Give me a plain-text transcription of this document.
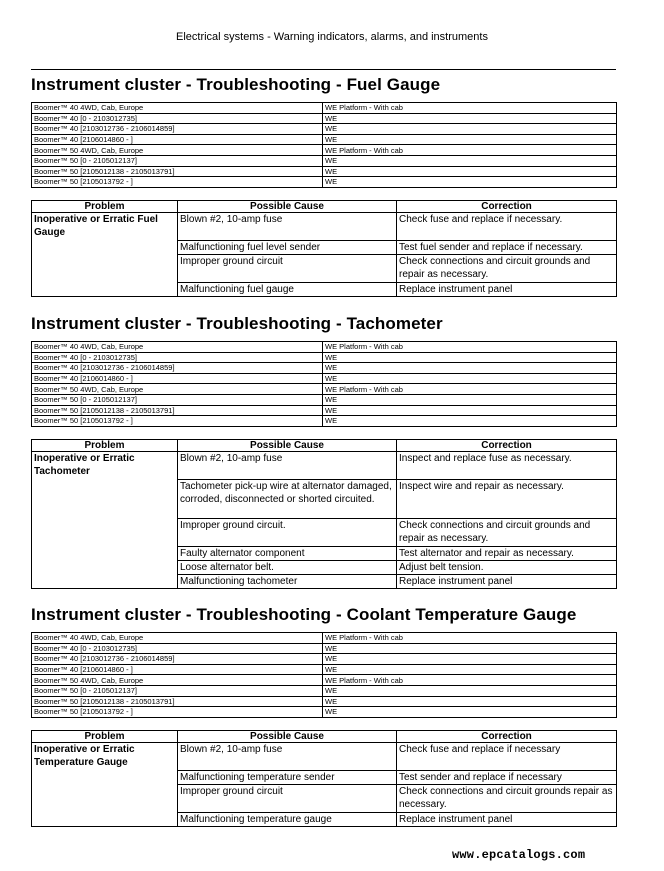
Electrical systems - Warning indicators, alarms, and instruments
Instrument cluster - Troubleshooting - Fuel Gauge
Boomer™ 40 4WD, Cab, Europe	WE Platform - With cab
Boomer™ 40 [0 - 2103012735]	WE
Boomer™ 40 [2103012736 - 2106014859]	WE
Boomer™ 40 [2106014860 - ]	WE
Boomer™ 50 4WD, Cab, Europe	WE Platform - With cab
Boomer™ 50 [0 - 2105012137]	WE
Boomer™ 50 [2105012138 - 2105013791]	WE
Boomer™ 50 [2105013792 - ]	WE
Problem	Possible Cause	Correction
Inoperative or Erratic Fuel Gauge	Blown #2, 10-amp fuse	Check fuse and replace if necessary.
	Malfunctioning fuel level sender	Test fuel sender and replace if necessary.
	Improper ground circuit	Check connections and circuit grounds and repair as necessary.
	Malfunctioning fuel gauge	Replace instrument panel
Instrument cluster - Troubleshooting - Tachometer
Boomer™ 40 4WD, Cab, Europe	WE Platform - With cab
Boomer™ 40 [0 - 2103012735]	WE
Boomer™ 40 [2103012736 - 2106014859]	WE
Boomer™ 40 [2106014860 - ]	WE
Boomer™ 50 4WD, Cab, Europe	WE Platform - With cab
Boomer™ 50 [0 - 2105012137]	WE
Boomer™ 50 [2105012138 - 2105013791]	WE
Boomer™ 50 [2105013792 - ]	WE
Problem	Possible Cause	Correction
Inoperative or Erratic Tachometer	Blown #2, 10-amp fuse	Inspect and replace fuse as necessary.
	Tachometer pick-up wire at alternator damaged, corroded, disconnected or shorted circuited.	Inspect wire and repair as necessary.
	Improper ground circuit.	Check connections and circuit grounds and repair as necessary.
	Faulty alternator component	Test alternator and repair as necessary.
	Loose alternator belt.	Adjust belt tension.
	Malfunctioning tachometer	Replace instrument panel
Instrument cluster - Troubleshooting - Coolant Temperature Gauge
Boomer™ 40 4WD, Cab, Europe	WE Platform - With cab
Boomer™ 40 [0 - 2103012735]	WE
Boomer™ 40 [2103012736 - 2106014859]	WE
Boomer™ 40 [2106014860 - ]	WE
Boomer™ 50 4WD, Cab, Europe	WE Platform - With cab
Boomer™ 50 [0 - 2105012137]	WE
Boomer™ 50 [2105012138 - 2105013791]	WE
Boomer™ 50 [2105013792 - ]	WE
Problem	Possible Cause	Correction
Inoperative or Erratic Temperature Gauge	Blown #2, 10-amp fuse	Check fuse and replace if necessary
	Malfunctioning temperature sender	Test sender and replace if necessary
	Improper ground circuit	Check connections and circuit grounds repair as necessary.
	Malfunctioning temperature gauge	Replace instrument panel
www.epcatalogs.com
